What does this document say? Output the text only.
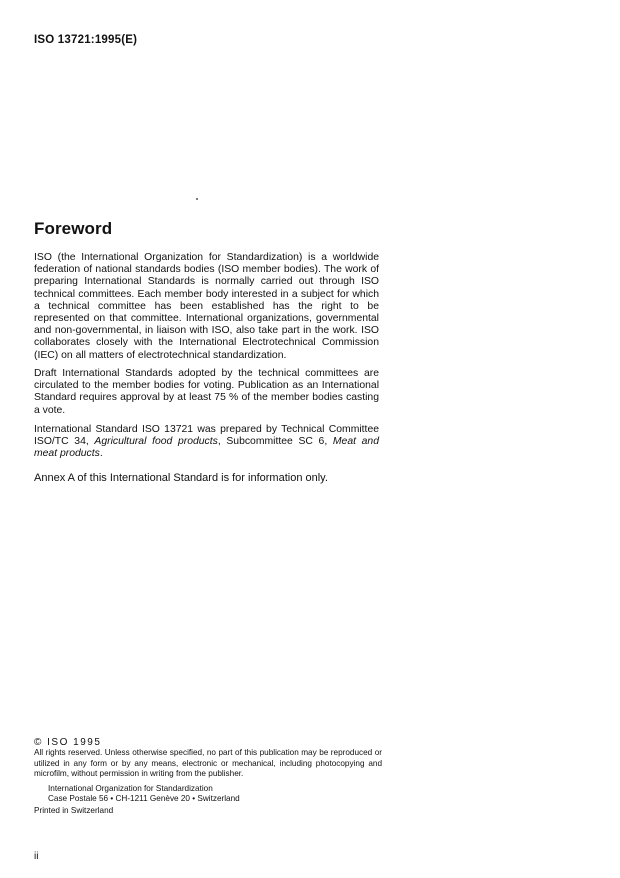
ISO 13721:1995(E)
Foreword

ISO (the International Organization for Standardization) is a worldwide federation of national standards bodies (ISO member bodies). The work of preparing International Standards is normally carried out through ISO technical committees. Each member body interested in a subject for which a technical committee has been established has the right to be represented on that committee. International organizations, governmental and non-governmental, in liaison with ISO, also take part in the work. ISO collaborates closely with the International Electrotechnical Commission (IEC) on all matters of electrotechnical standardization.

Draft International Standards adopted by the technical committees are circulated to the member bodies for voting. Publication as an International Standard requires approval by at least 75 % of the member bodies casting a vote.

International Standard ISO 13721 was prepared by Technical Committee ISO/TC 34, Agricultural food products, Subcommittee SC 6, Meat and meat products.

Annex A of this International Standard is for information only.

© ISO 1995
All rights reserved. Unless otherwise specified, no part of this publication may be reproduced or utilized in any form or by any means, electronic or mechanical, including photocopying and microfilm, without permission in writing from the publisher.
International Organization for Standardization
Case Postale 56 • CH-1211 Genève 20 • Switzerland
Printed in Switzerland
ii
